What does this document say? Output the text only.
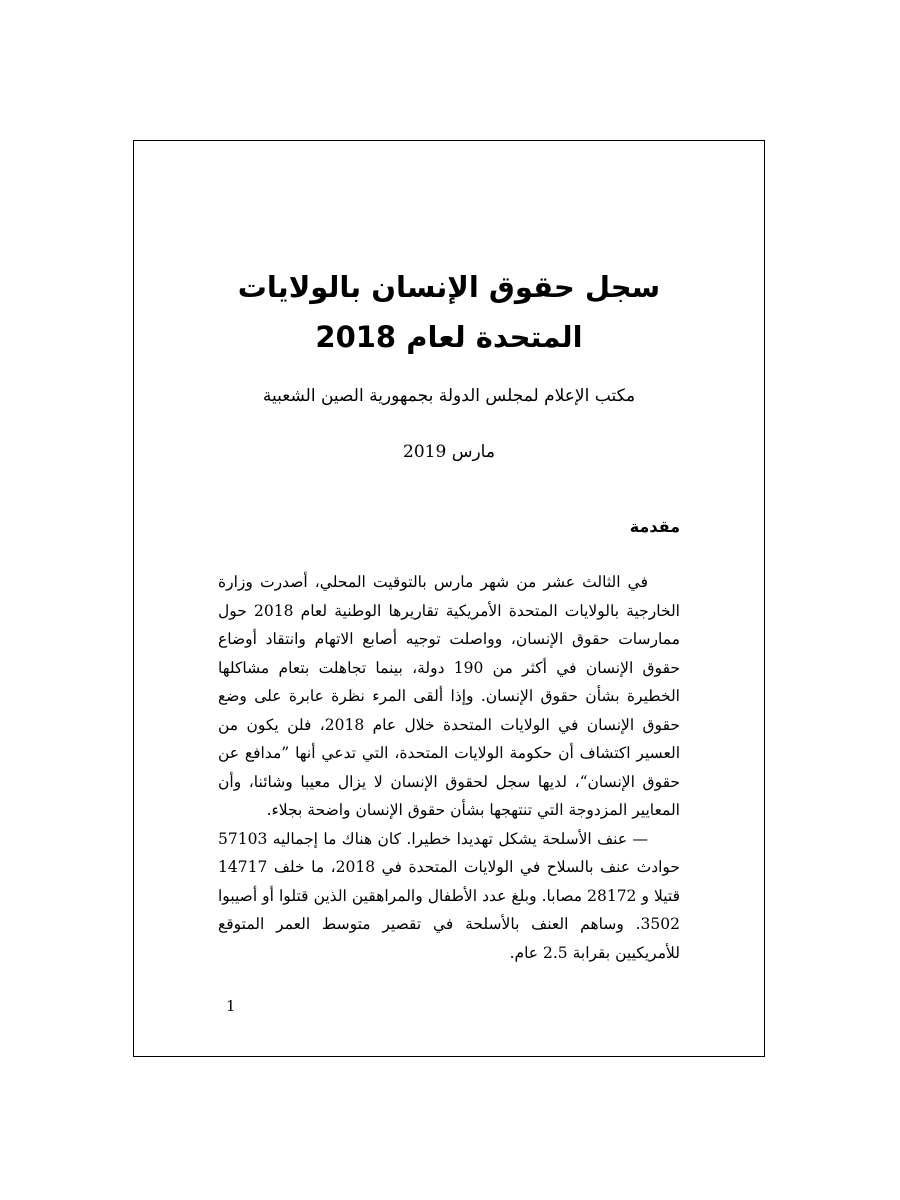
سجل حقوق الإنسان بالولايات
المتحدة لعام 2018

مكتب الإعلام لمجلس الدولة بجمهورية الصين الشعبية

مارس 2019

مقدمة

في الثالث عشر من شهر مارس بالتوقيت المحلي، أصدرت وزارة الخارجية بالولايات المتحدة الأمريكية تقاريرها الوطنية لعام 2018 حول ممارسات حقوق الإنسان، وواصلت توجيه أصابع الاتهام وانتقاد أوضاع حقوق الإنسان في أكثر من 190 دولة، بينما تجاهلت بتعام مشاكلها الخطيرة بشأن حقوق الإنسان. وإذا ألقى المرء نظرة عابرة على وضع حقوق الإنسان في الولايات المتحدة خلال عام 2018، فلن يكون من العسير اكتشاف أن حكومة الولايات المتحدة، التي تدعي أنها ”مدافع عن حقوق الإنسان“، لديها سجل لحقوق الإنسان لا يزال معيبا وشائنا، وأن المعايير المزدوجة التي تنتهجها بشأن حقوق الإنسان واضحة بجلاء.

— عنف الأسلحة يشكل تهديدا خطيرا. كان هناك ما إجماليه 57103 حوادث عنف بالسلاح في الولايات المتحدة في 2018، ما خلف 14717 قتيلا و 28172 مصابا. وبلغ عدد الأطفال والمراهقين الذين قتلوا أو أصيبوا 3502. وساهم العنف بالأسلحة في تقصير متوسط العمر المتوقع للأمريكيين بقرابة 2.5 عام.

1
